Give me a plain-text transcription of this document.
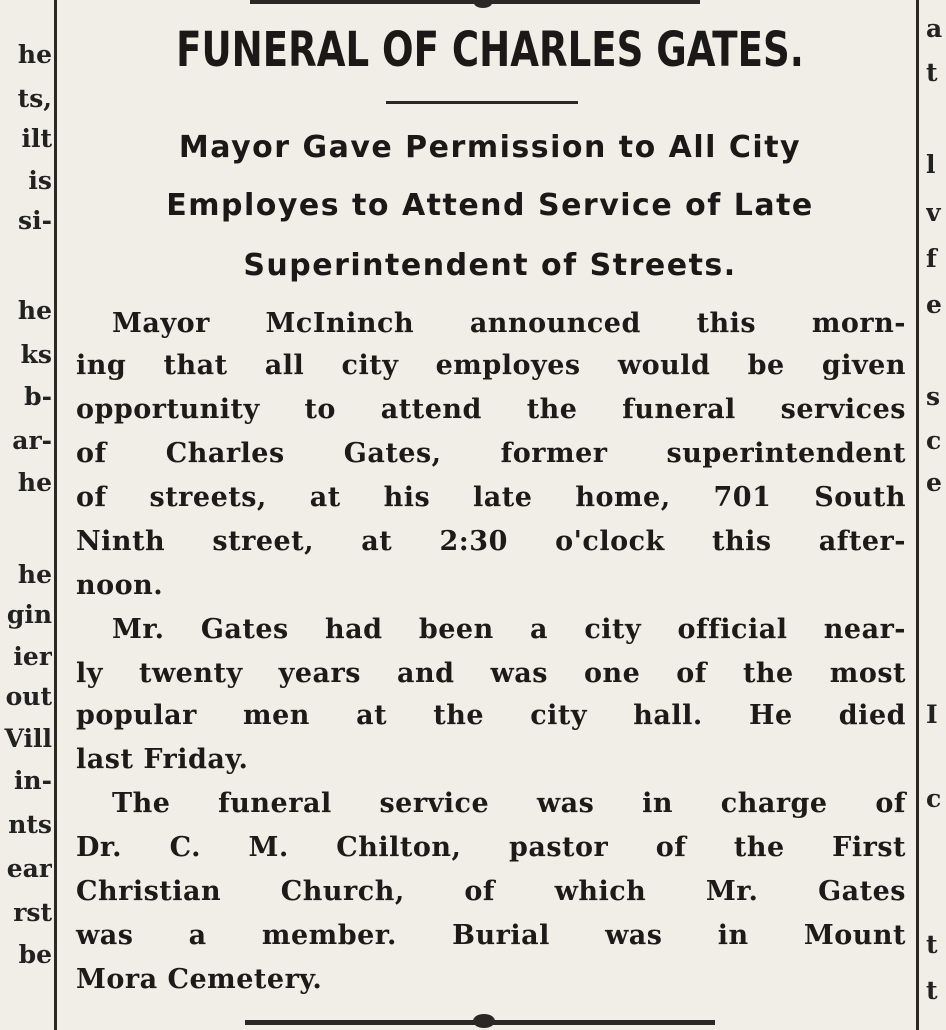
he
ts,
ilt
is
si-
he
ks
b-
ar-
he
he
gin
ier
out
Vill
in-
nts
ear
rst
be
a
t
l
v
f
e
s
c
e
I
c
t
t
FUNERAL OF CHARLES GATES.
Mayor Gave Permission to All City
Employes to Attend Service of Late
Superintendent of Streets.
Mayor McIninch announced this morn-
ing that all city employes would be given
opportunity to attend the funeral services
of Charles Gates, former superintendent
of streets, at his late home, 701 South
Ninth street, at 2:30 o'clock this after-
noon.
Mr. Gates had been a city official near-
ly twenty years and was one of the most
popular men at the city hall. He died
last Friday.
The funeral service was in charge of
Dr. C. M. Chilton, pastor of the First
Christian Church, of which Mr. Gates
was a member. Burial was in Mount
Mora Cemetery.
